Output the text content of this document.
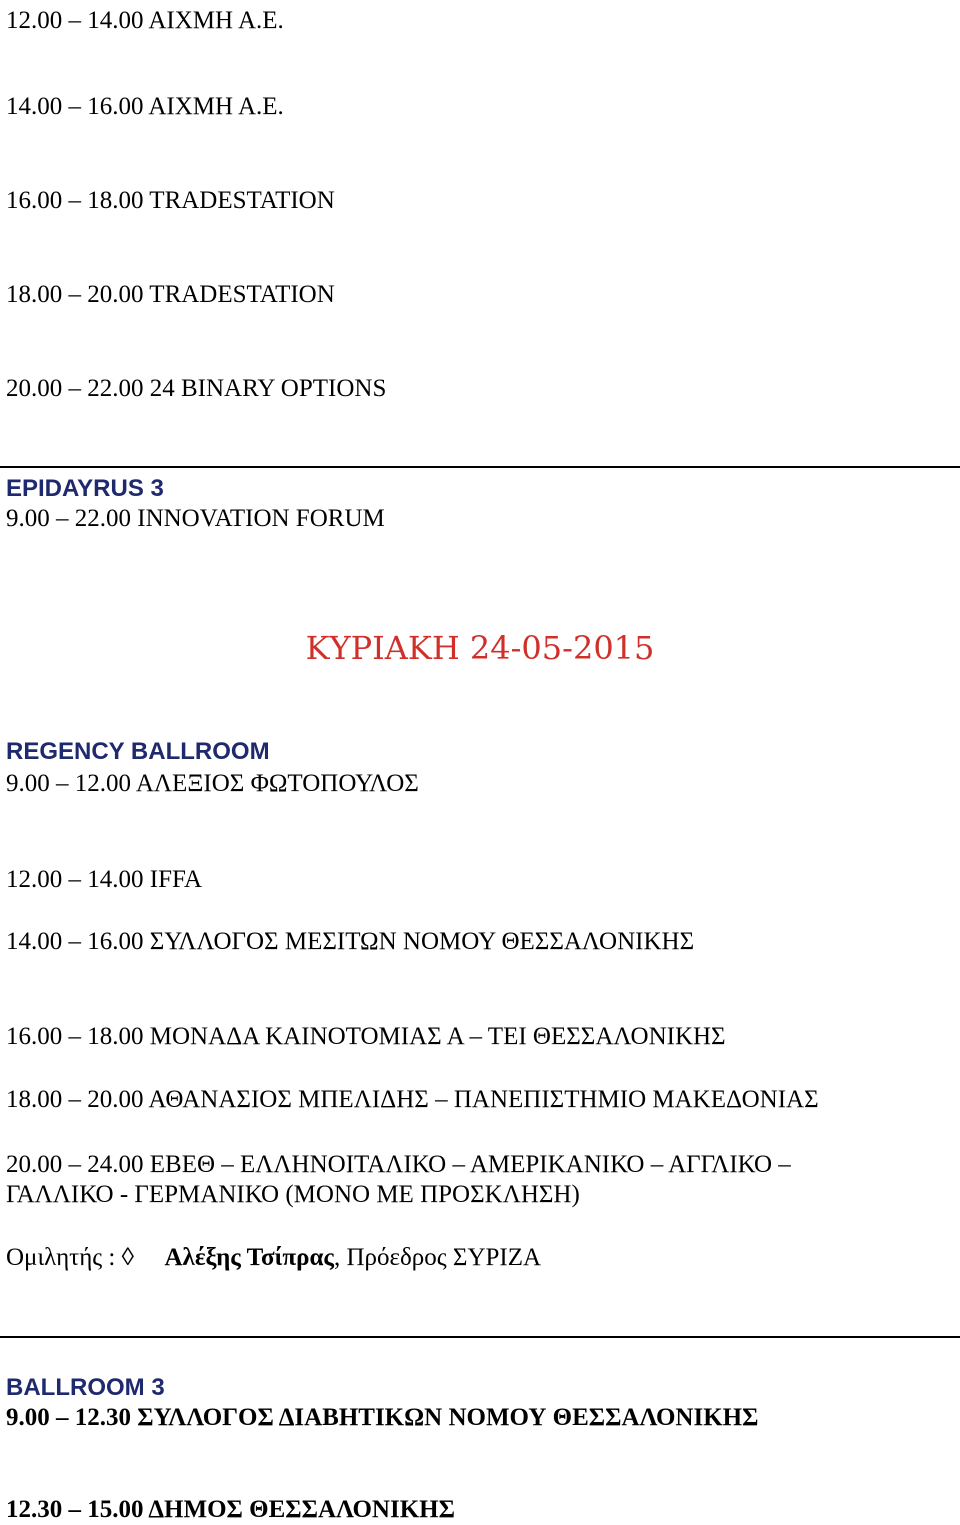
12.00 – 14.00 ΑΙΧΜΗ Α.Ε.
14.00 – 16.00 ΑΙΧΜΗ Α.Ε.
16.00 – 18.00 TRADESTATION
18.00 – 20.00 TRADESTATION
20.00 – 22.00 24 BINARY OPTIONS
EPIDAYRUS 3
9.00 – 22.00 INNOVATION FORUM
ΚΥΡΙΑΚΗ 24-05-2015
REGENCY BALLROOM
9.00 – 12.00 ΑΛΕΞΙΟΣ ΦΩΤΟΠΟΥΛΟΣ
12.00 – 14.00 IFFA
14.00 – 16.00 ΣΥΛΛΟΓΟΣ ΜΕΣΙΤΩΝ ΝΟΜΟΥ ΘΕΣΣΑΛΟΝΙΚΗΣ
16.00 – 18.00 ΜΟΝΑΔΑ ΚΑΙΝΟΤΟΜΙΑΣ Α – ΤΕΙ ΘΕΣΣΑΛΟΝΙΚΗΣ
18.00 – 20.00 ΑΘΑΝΑΣΙΟΣ ΜΠΕΛΙΔΗΣ – ΠΑΝΕΠΙΣΤΗΜΙΟ ΜΑΚΕΔΟΝΙΑΣ
20.00 – 24.00 ΕΒΕΘ – ΕΛΛΗΝΟΙΤΑΛΙΚΟ – ΑΜΕΡΙΚΑΝΙΚΟ – ΑΓΓΛΙΚΟ –
ΓΑΛΛΙΚΟ - ΓΕΡΜΑΝΙΚΟ (ΜΟΝΟ ΜΕ ΠΡΟΣΚΛΗΣΗ)
Ομιλητής : ◊ Αλέξης Τσίπρας, Πρόεδρος ΣΥΡΙΖΑ
BALLROOM 3
9.00 – 12.30 ΣΥΛΛΟΓΟΣ ΔΙΑΒΗΤΙΚΩΝ ΝΟΜΟΥ ΘΕΣΣΑΛΟΝΙΚΗΣ
12.30 – 15.00 ΔΗΜΟΣ ΘΕΣΣΑΛΟΝΙΚΗΣ
